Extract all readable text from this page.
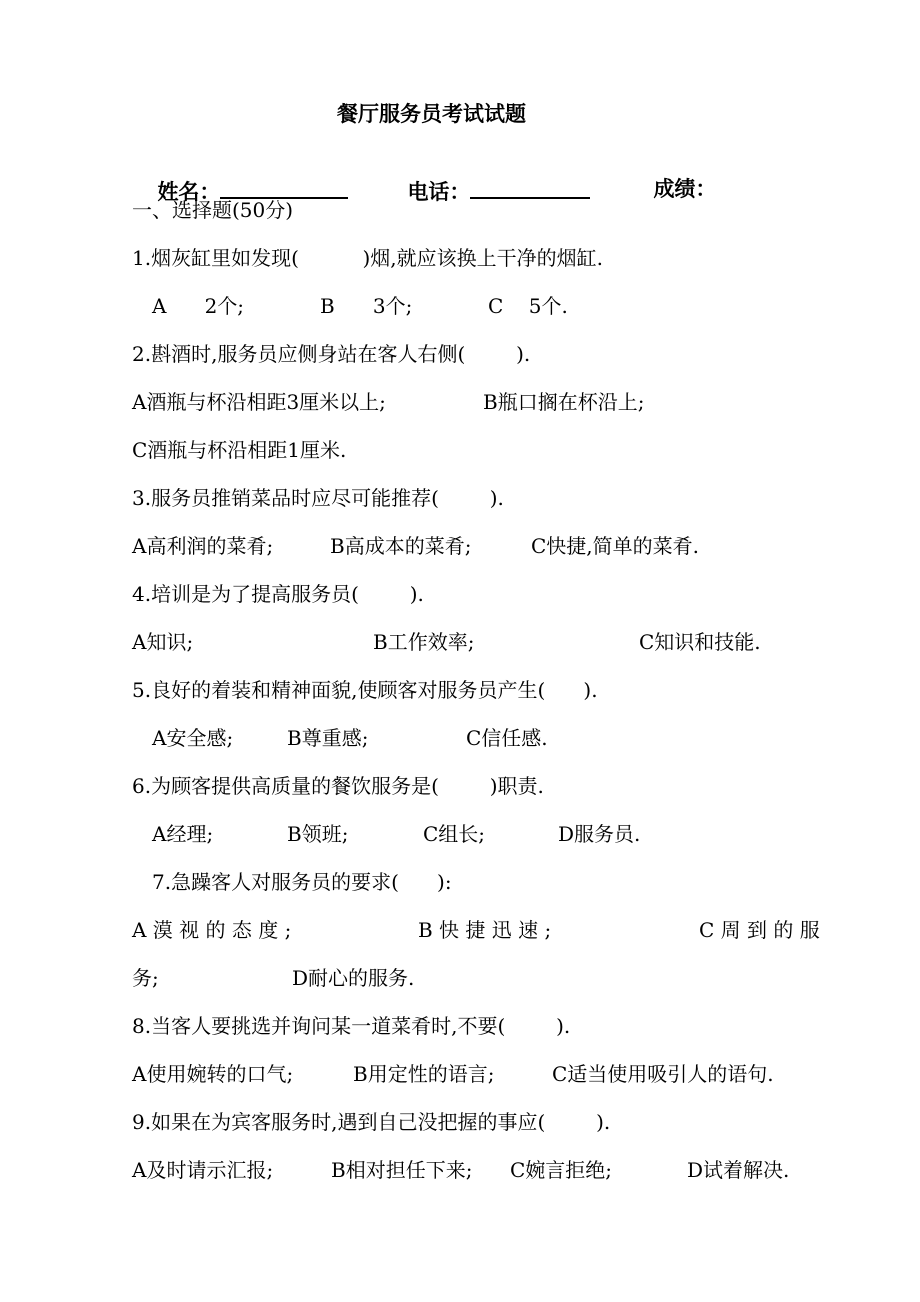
餐厅服务员考试试题

姓名：
	电话：
	成绩：

一、选择题(50分)
1.烟灰缸里如发现(          )烟,就应该换上干净的烟缸.
A      2个;	B      3个;	C    5个.
2.斟酒时,服务员应侧身站在客人右侧(        ).
A酒瓶与杯沿相距3厘米以上;	B瓶口搁在杯沿上;
C酒瓶与杯沿相距1厘米.
3.服务员推销菜品时应尽可能推荐(        ).
A高利润的菜肴;	B高成本的菜肴;	C快捷,简单的菜肴.
4.培训是为了提高服务员(        ).
A知识;	B工作效率;	C知识和技能.
5.良好的着装和精神面貌,使顾客对服务员产生(      ).
A安全感;	B尊重感;	C信任感.
6.为顾客提供高质量的餐饮服务是(        )职责.
A经理;	B领班;	C组长;	D服务员.
7.急躁客人对服务员的要求(      ):
A 漠 视 的 态 度 ;	B 快 捷 迅 速 ;	C 周 到 的 服
务;	D耐心的服务.
8.当客人要挑选并询问某一道菜肴时,不要(        ).
A使用婉转的口气;	B用定性的语言;	C适当使用吸引人的语句.
9.如果在为宾客服务时,遇到自己没把握的事应(        ).
A及时请示汇报;	B相对担任下来; C婉言拒绝;	D试着解决.
